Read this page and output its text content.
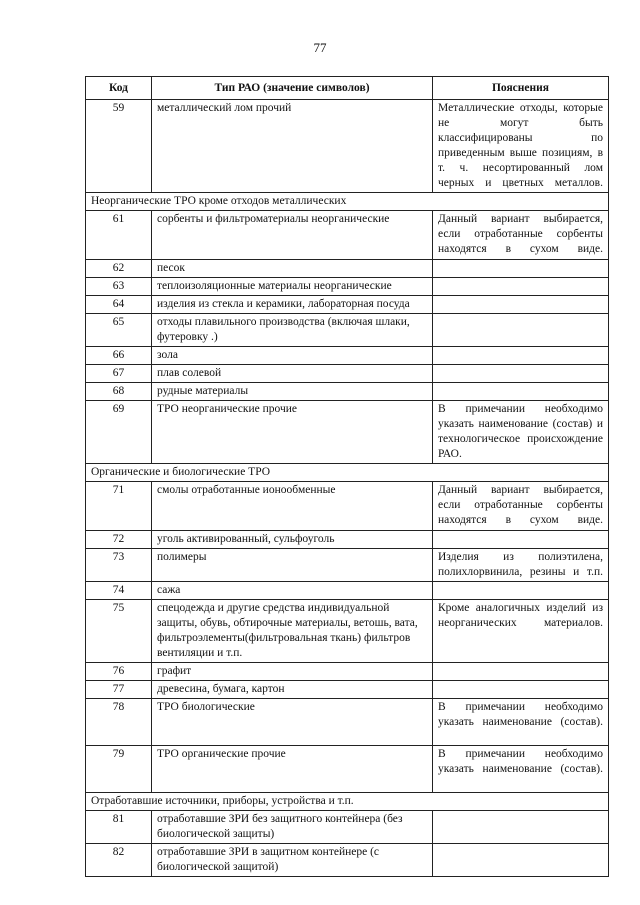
77
Код	Тип РАО (значение символов)	Пояснения
59	металлический лом прочий	Металлические отходы, которые не могут быть классифицированы по приведенным выше позициям, в т. ч. несортированный лом черных и цветных металлов.
Неорганические ТРО кроме отходов металлических		
61	сорбенты и фильтроматериалы неорганические	Данный вариант выбирается, если отработанные сорбенты находятся в сухом виде.
62	песок	
63	теплоизоляционные материалы неорганические	
64	изделия из стекла и керамики, лабораторная посуда	
65	отходы плавильного производства (включая шлаки, футеровку .)	
66	зола	
67	плав солевой	
68	рудные материалы	
69	ТРО неорганические прочие	В примечании необходимо указать наименование (состав) и технологическое происхождение РАО.
Органические и биологические ТРО		
71	смолы отработанные ионообменные	Данный вариант выбирается, если отработанные сорбенты находятся в сухом виде.
72	уголь активированный, сульфоуголь	
73	полимеры	Изделия из полиэтилена, полихлорвинила, резины и т.п.
74	сажа	
75	спецодежда и другие средства индивидуальной защиты, обувь, обтирочные материалы, ветошь, вата, фильтроэлементы(фильтровальная ткань) фильтров вентиляции и т.п.	Кроме аналогичных изделий из неорганических материалов.
76	графит	
77	древесина, бумага, картон	
78	ТРО биологические	В примечании необходимо указать наименование (состав).
79	ТРО органические прочие	В примечании необходимо указать наименование (состав).
Отработавшие источники, приборы, устройства и т.п.		
81	отработавшие ЗРИ без защитного контейнера (без биологической защиты)	
82	отработавшие ЗРИ в защитном контейнере (с биологической защитой)	
